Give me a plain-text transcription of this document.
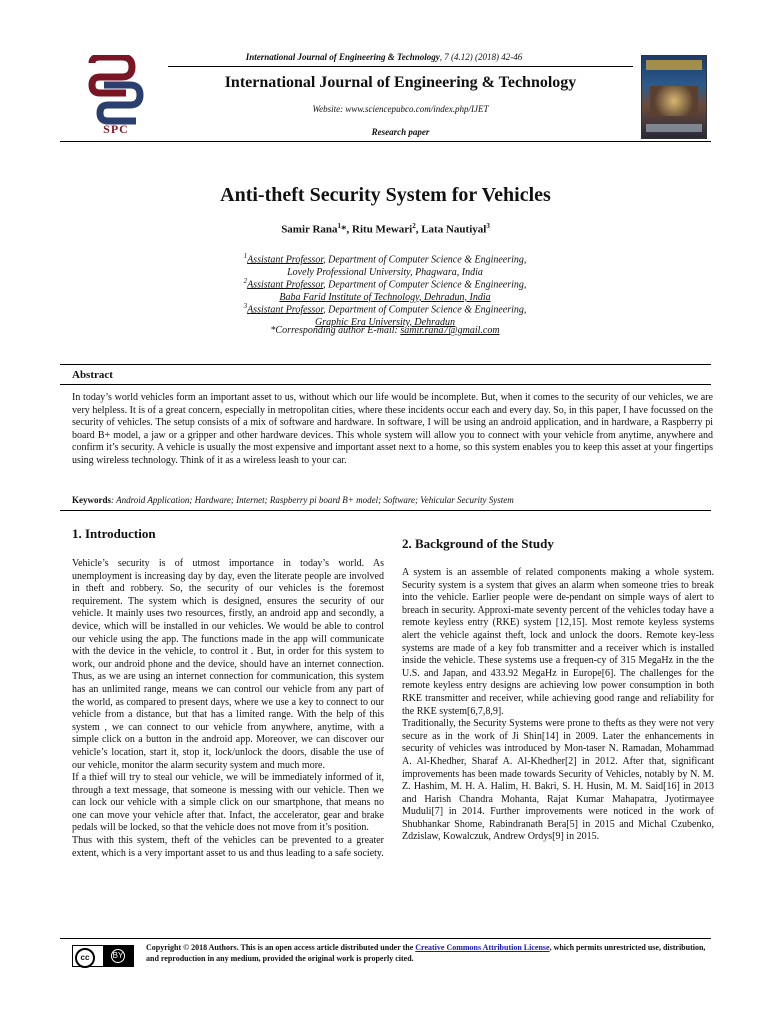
International Journal of Engineering & Technology, 7 (4.12) (2018) 42-46
SPC
International Journal of Engineering & Technology
Website: www.sciencepubco.com/index.php/IJET
Research paper
Anti-theft Security System for Vehicles
Samir Rana$^1$*, Ritu Mewari$^2$, Lata Nautiyal$^3$
$^1$Assistant Professor, Department of Computer Science & Engineering,
Lovely Professional University, Phagwara, India
$^2$Assistant Professor, Department of Computer Science & Engineering,
Baba Farid Institute of Technology, Dehradun, India
$^3$Assistant Professor, Department of Computer Science & Engineering,
Graphic Era University, Dehradun
*Corresponding author E-mail: samir.rana7@gmail.com
Abstract
In today’s world vehicles form an important asset to us, without which our life would be incomplete. But, when it comes to the security of our vehicles, we are very helpless. It is of a great concern, especially in metropolitan cities, where these incidents occur each and every day. So, in this paper, I have focussed on the security of vehicles. The setup consists of a mix of software and hardware. In software, I will be using an android application, and in hardware, a Raspberry pi board B+ model, a jaw or a gripper and other hardware devices. This whole system will allow you to connect with your vehicle from anytime, anywhere and confirm it’s security. A vehicle is usually the most expensive and important asset next to a home, so this system enables you to keep this asset at your fingertips using wireless technology. Think of it as a wireless leash to your car.
Keywords: Android Application; Hardware; Internet; Raspberry pi board B+ model; Software; Vehicular Security System
1. Introduction

Vehicle’s security is of utmost importance in today’s world. As unemployment is increasing day by day, even the literate people are involved in theft and robbery. So, the security of our vehicles is the foremost requirement. The system which is designed, ensures the security of our vehicle. It mainly uses two resources, firstly, an android app and secondly, a device, which will be installed in our vehicles. We would be able to control our vehicle using the app. The functions made in the app will communicate with the device in the vehicle, to control it . But, in order for this system to work, our android phone and the device, should have an internet connection. Thus, as we are using an internet connection for communication, this system has an unlimited range, means we can control our vehicle from any part of the world, as compared to present days, where we use a key to connect to our vehicle from a distance, but that has a limited range. With the help of this system , we can connect to our vehicle from anywhere, anytime, with a simple click on a button in the android app. Moreover, we can discover our vehicle’s location, start it, stop it, lock/unlock the doors, disable the use of our vehicle, monitor the alarm security system and much more.

If a thief will try to steal our vehicle, we will be immediately informed of it, through a text message, that someone is messing with our vehicle. Then we can lock our vehicle with a simple click on our smartphone, that means no one can move your vehicle after that. Infact, the accelerator, gear and brake pedals will be locked, so that the vehicle does not move from it’s position.

Thus with this system, theft of the vehicles can be prevented to a greater extent, which is a very important asset to us and thus leading to a safe society.

2. Background of the Study

A system is an assemble of related components making a whole system. Security system is a system that gives an alarm when someone tries to break into the vehicle. Earlier people were de-pendant on simple ways of alert to breach in security. Approxi-mate seventy percent of the vehicles today have a remote keyless entry (RKE) system [12,15]. Most remote keyless systems alert the vehicle against theft, lock and unlock the doors. Remote key-less systems are made of a key fob transmitter and a receiver which is installed inside the vehicle. These systems use a frequen-cy of 315 MegaHz in the the U.S. and Japan, and 433.92 MegaHz in Europe[6]. The challenges for the remote keyless entry designs are achieving low power consumption in both RKE transmitter and receiver, while achieving good range and reliability for the RKE system[6,7,8,9].

Traditionally, the Security Systems were prone to thefts as they were not very secure as in the work of Ji Shin[14] in 2009. Later the enhancements in security of vehicles was introduced by Mon-taser N. Ramadan, Mohammad A. Al-Khedher, Sharaf A. Al-Khedher[2] in 2012. After that, significant improvements has been made towards Security of Vehicles, notably by N. M. Z. Hashim, M. H. A. Halim, H. Bakri, S. H. Husin, M. M. Said[16] in 2013 and Harish Chandra Mohanta, Rajat Kumar Mahapatra, Jyotirmayee Muduli[7] in 2014. Further improvements were noticed in the work of Shubhankar Shome, Rabindranath Bera[5] in 2015 and Michal Czubenko, Zdzislaw, Kowalczuk, Andrew Ordys[9] in 2015.

cc	BY
Copyright © 2018 Authors. This is an open access article distributed under the Creative Commons Attribution License, which permits unrestricted use, distribution, and reproduction in any medium, provided the original work is properly cited.
